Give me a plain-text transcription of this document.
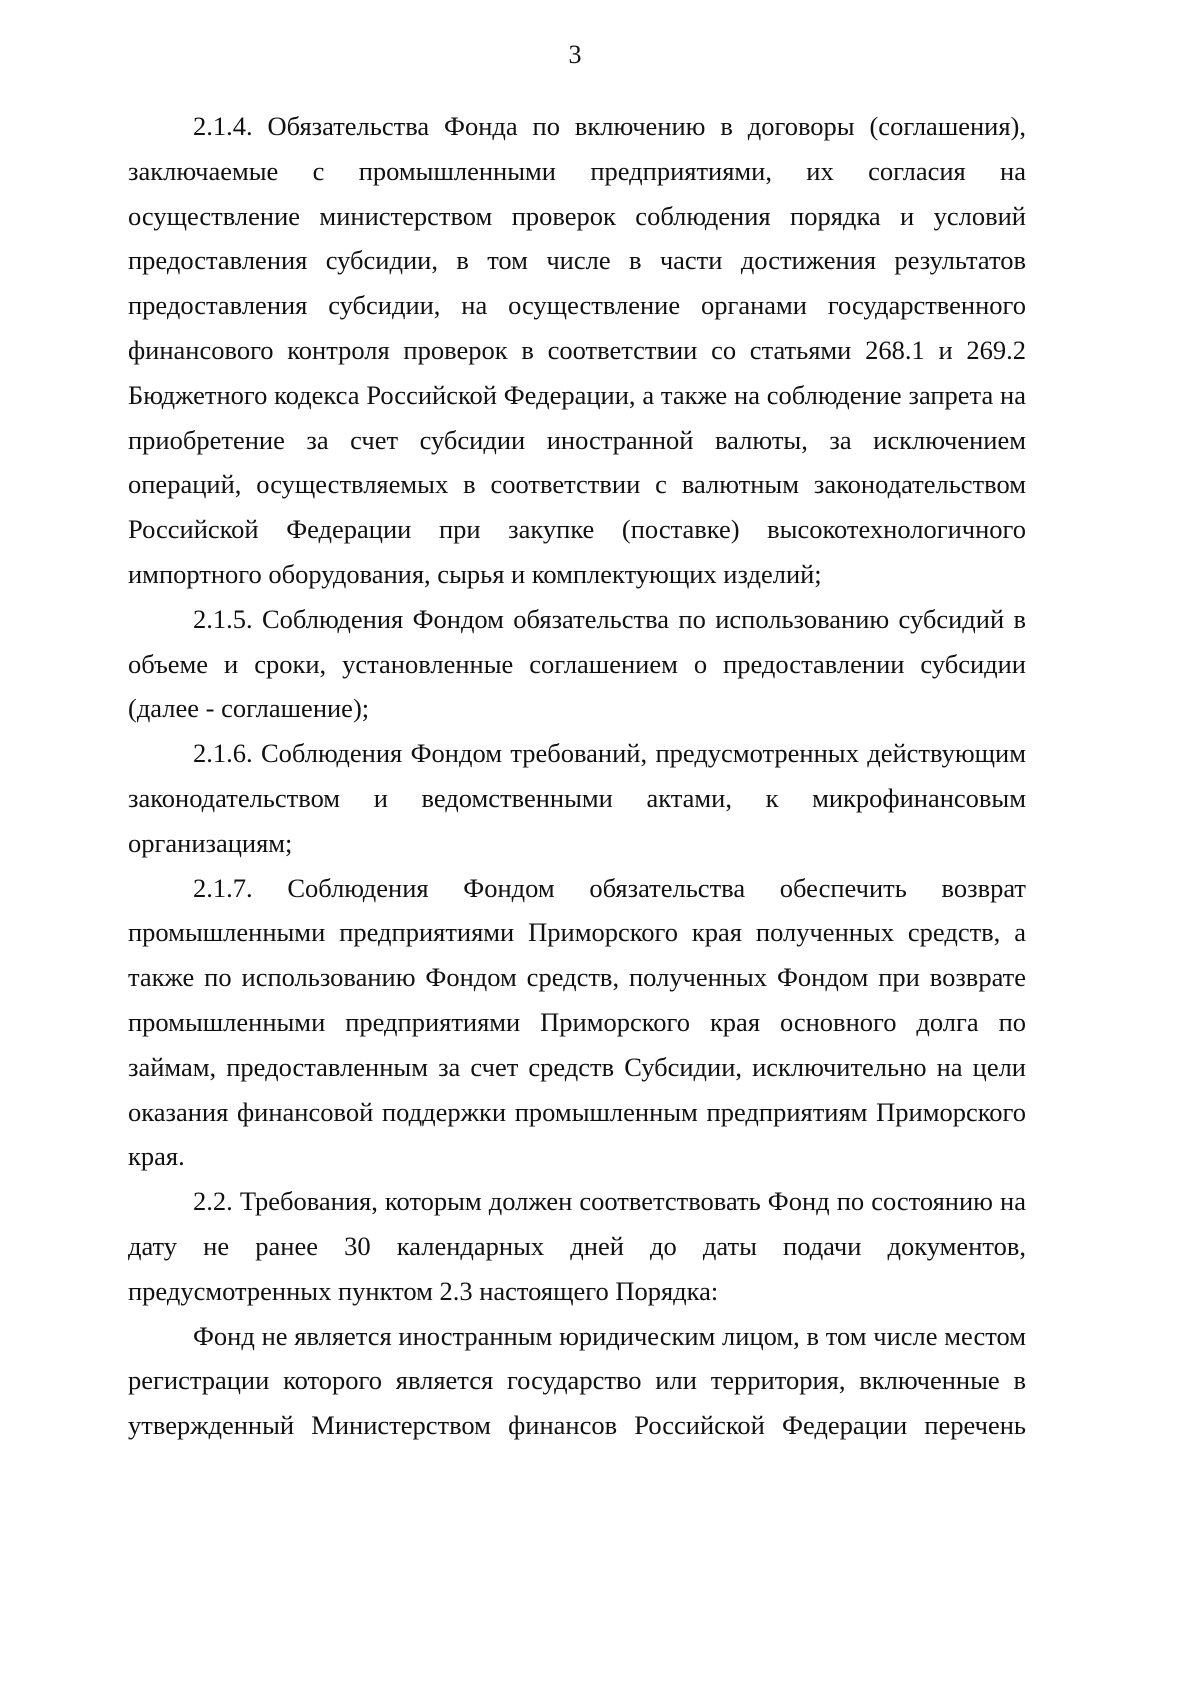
3

2.1.4. Обязательства Фонда по включению в договоры (соглашения), заключаемые с промышленными предприятиями, их согласия на осуществление министерством проверок соблюдения порядка и условий предоставления субсидии, в том числе в части достижения результатов предоставления субсидии, на осуществление органами государственного финансового контроля проверок в соответствии со статьями 268.1 и 269.2 Бюджетного кодекса Российской Федерации, а также на соблюдение запрета на приобретение за счет субсидии иностранной валюты, за исключением операций, осуществляемых в соответствии с валютным законодательством Российской Федерации при закупке (поставке) высокотехнологичного импортного оборудования, сырья и комплектующих изделий;

2.1.5. Соблюдения Фондом обязательства по использованию субсидий в объеме и сроки, установленные соглашением о предоставлении субсидии (далее - соглашение);

2.1.6. Соблюдения Фондом требований, предусмотренных действующим законодательством и ведомственными актами, к микрофинансовым организациям;

2.1.7. Соблюдения Фондом обязательства обеспечить возврат промышленными предприятиями Приморского края полученных средств, а также по использованию Фондом средств, полученных Фондом при возврате промышленными предприятиями Приморского края основного долга по займам, предоставленным за счет средств Субсидии, исключительно на цели оказания финансовой поддержки промышленным предприятиям Приморского края.

2.2. Требования, которым должен соответствовать Фонд по состоянию на дату не ранее 30 календарных дней до даты подачи документов, предусмотренных пунктом 2.3 настоящего Порядка:

Фонд не является иностранным юридическим лицом, в том числе местом регистрации которого является государство или территория, включенные в утвержденный Министерством финансов Российской Федерации перечень
